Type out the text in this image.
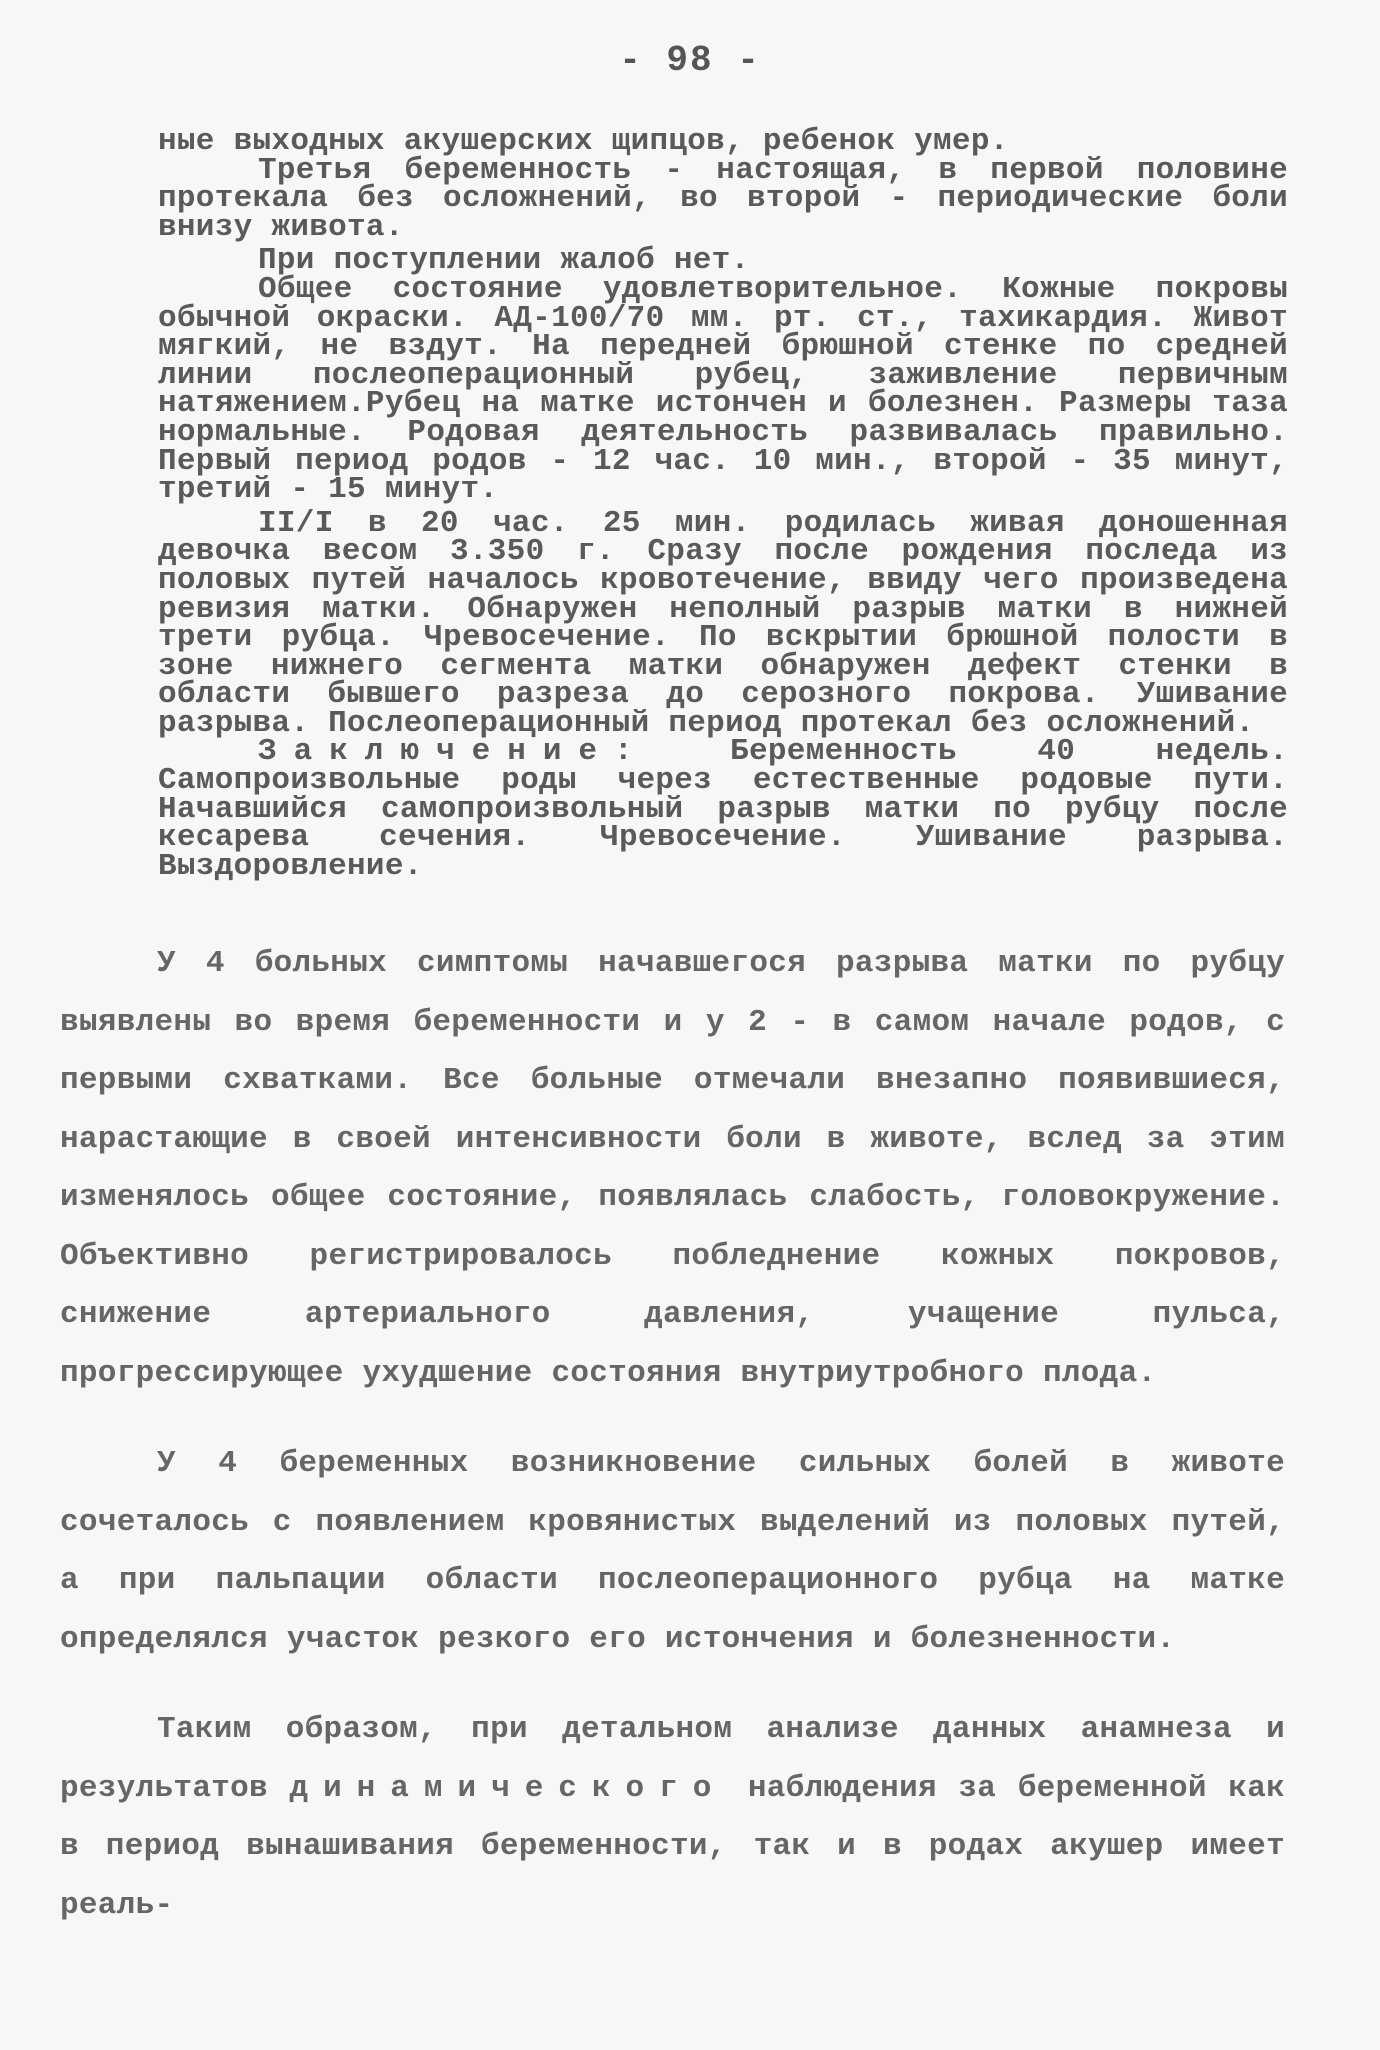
- 98 -

ные выходных акушерских щипцов, ребенок умер.

Третья беременность - настоящая, в первой половине протекала без осложнений, во второй - периодические боли внизу живота.

При поступлении жалоб нет.

Общее состояние удовлетворительное. Кожные покровы обычной окраски. АД-100/70 мм. рт. ст., тахикардия. Живот мягкий, не вздут. На передней брюшной стенке по средней линии послеоперационный рубец, заживление первичным натяжением.Рубец на матке истончен и болезнен. Размеры таза нормальные. Родовая деятельность развивалась правильно. Первый период родов - 12 час. 10 мин., второй - 35 минут, третий - 15 минут.

II/I в 20 час. 25 мин. родилась живая доношенная девочка весом 3.350 г. Сразу после рождения последа из половых путей началось кровотечение, ввиду чего произведена ревизия матки. Обнаружен неполный разрыв матки в нижней трети рубца. Чревосечение. По вскрытии брюшной полости в зоне нижнего сегмента матки обнаружен дефект стенки в области бывшего разреза до серозного покрова. Ушивание разрыва. Послеоперационный период протекал без осложнений.

Заключение: Беременность 40 недель. Самопроизвольные роды через естественные родовые пути. Начавшийся самопроизвольный разрыв матки по рубцу после кесарева сечения. Чревосечение. Ушивание разрыва. Выздоровление.

У 4 больных симптомы начавшегося разрыва матки по рубцу выявлены во время беременности и у 2 - в самом начале родов, с первыми схватками. Все больные отмечали внезапно появившиеся, нарастающие в своей интенсивности боли в животе, вслед за этим изменялось общее состояние, появлялась слабость, головокружение. Объективно регистрировалось побледнение кожных покровов, снижение артериального давления, учащение пульса, прогрессирующее ухудшение состояния внутриутробного плода.

У 4 беременных возникновение сильных болей в животе сочеталось с появлением кровянистых выделений из половых путей, а при пальпации области послеоперационного рубца на матке определялся участок резкого его истончения и болезненности.

Таким образом, при детальном анализе данных анамнеза и результатов динамического наблюдения за беременной как в период вынашивания беременности, так и в родах акушер имеет реаль-
